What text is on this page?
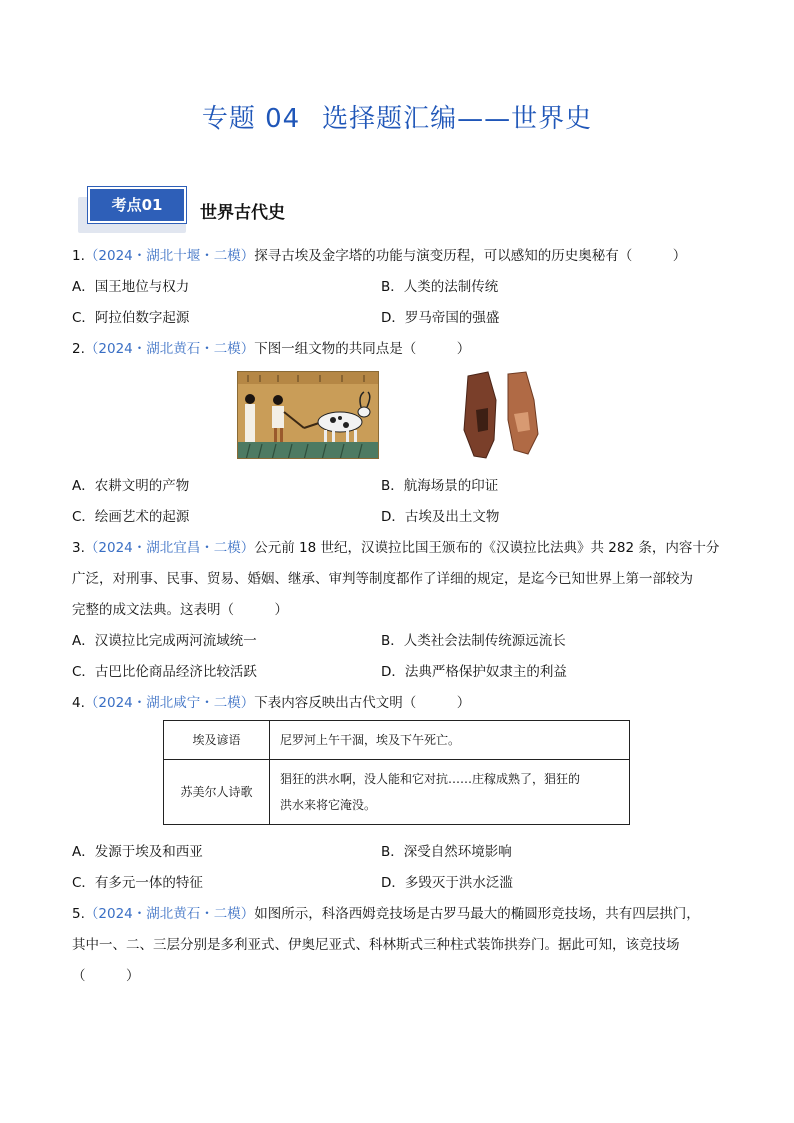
专题 04 选择题汇编——世界史
考点01	世界古代史
1.（2024・湖北十堰・二模）探寻古埃及金字塔的功能与演变历程，可以感知的历史奥秘有（　　　）
A．国王地位与权力	B．人类的法制传统
C．阿拉伯数字起源	D．罗马帝国的强盛
2.（2024・湖北黄石・二模）下图一组文物的共同点是（　　　）
A．农耕文明的产物	B．航海场景的印证
C．绘画艺术的起源	D．古埃及出土文物
3.（2024・湖北宜昌・二模）公元前 18 世纪，汉谟拉比国王颁布的《汉谟拉比法典》共 282 条，内容十分
广泛，对刑事、民事、贸易、婚姻、继承、审判等制度都作了详细的规定，是迄今已知世界上第一部较为
完整的成文法典。这表明（　　　）
A．汉谟拉比完成两河流域统一	B．人类社会法制传统源远流长
C．古巴比伦商品经济比较活跃	D．法典严格保护奴隶主的利益
4.（2024・湖北咸宁・二模）下表内容反映出古代文明（　　　）
埃及谚语	尼罗河上午干涸，埃及下午死亡。
苏美尔人诗歌	猖狂的洪水啊，没人能和它对抗……庄稼成熟了，猖狂的
洪水来将它淹没。
A．发源于埃及和西亚	B．深受自然环境影响
C．有多元一体的特征	D．多毁灭于洪水泛滥
5.（2024・湖北黄石・二模）如图所示，科洛西姆竞技场是古罗马最大的椭圆形竞技场，共有四层拱门，
其中一、二、三层分别是多利亚式、伊奥尼亚式、科林斯式三种柱式装饰拱券门。据此可知，该竞技场
（　　　）
